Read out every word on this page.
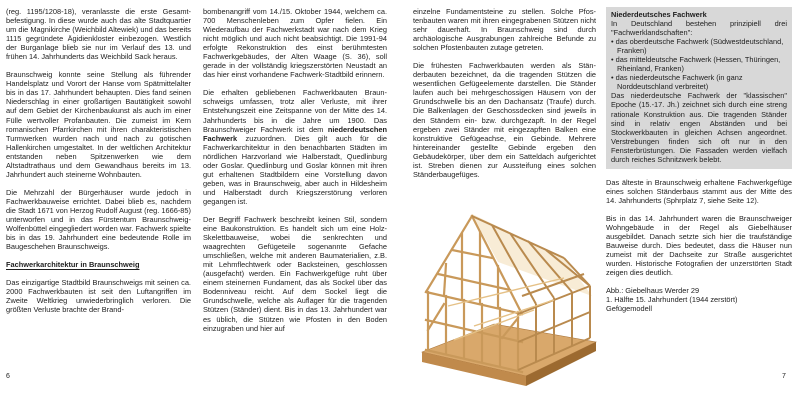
(reg. 1195/1208-18), veranlasste die erste Gesamtbefestigung. In diese wurde auch das alte Stadtquartier um die Magnikirche (Weichbild Altewiek) und das bereits 1115 gegründete Ägidienkloster einbezogen. Westlich der Burganlage blieb sie nur im Verlauf des 13. und frühen 14. Jahrhunderts das Weichbild Sack heraus.

Braunschweig konnte seine Stellung als führender Handelsplatz und Vorort der Hanse vom Spätmittelalter bis in das 17. Jahrhundert behaupten. Dies fand seinen Niederschlag in einer großartigen Bautätigkeit sowohl auf dem Gebiet der Kirchenbaukunst als auch im einer Fülle wertvoller Profanbauten. Die zumeist im Kern romanischen Pfarrkirchen mit ihren charakteristischen Turmwerken wurden nach und nach zu gotischen Hallenkirchen umgestaltet. In der weltlichen Architektur entstanden neben Spitzenwerken wie dem Altstadtrathaus und dem Gewandhaus bereits im 13. Jahrhundert auch steinerne Wohnbauten.

Die Mehrzahl der Bürgerhäuser wurde jedoch in Fachwerkbauweise errichtet. Dabei blieb es, nachdem die Stadt 1671 von Herzog Rudolf August (reg. 1666-85) unterworfen und in das Fürstentum Braunschweig-Wolfenbüttel eingegliedert worden war. Fachwerk spielte bis in das 19. Jahrhundert eine bedeutende Rolle im Baugeschehen Braunschweigs.

Fachwerkarchitektur in Braunschweig

Das einzigartige Stadtbild Braunschweigs mit seinen ca. 2000 Fachwerkbauten ist seit den Luftangriffen im Zweite Weltkrieg unwiederbringlich verloren. Die größten Verluste brachte der Brand-

bombenangriff vom 14./15. Oktober 1944, welchem ca. 700 Menschenleben zum Opfer fielen. Ein Wiederaufbau der Fachwerkstadt war nach dem Krieg nicht möglich und auch nicht beabsichtigt. Die 1991-94 erfolgte Rekonstruktion des einst berühmtesten Fachwerkgebäudes, der Alten Waage (S. 36), soll gerade in der vollständig kriegszerstörten Neustadt an das hier einst vorhandene Fachwerk-Stadtbild erinnern.

Die erhalten gebliebenen Fachwerkbauten Braunschweigs umfassen, trotz aller Verluste, mit ihrer Entstehungszeit eine Zeitspanne von der Mitte des 14. Jahrhunderts bis in die Jahre um 1900. Das Braunschweiger Fachwerk ist dem niederdeutschen Fachwerk zuzuordnen. Dies gilt auch für die Fachwerkarchitektur in den benachbarten Städten im nördlichen Harzvorland wie Halberstadt, Quedlinburg oder Goslar. Quedlinburg und Goslar können mit ihren gut erhaltenen Stadtbildern eine Vorstellung davon geben, was in Braunschweig, aber auch in Hildesheim und Halberstadt durch Kriegszerstörung verloren gegangen ist.

Der Begriff Fachwerk beschreibt keinen Stil, sondern eine Baukonstruktion. Es handelt sich um eine Holz-Skelettbauweise, wobei die senkrechten und waagrechten Gefügeteile sogenannte Gefache umschließen, welche mit anderen Baumaterialien, z.B. mit Lehmflechtwerk oder Backsteinen, geschlossen (ausgefacht) werden. Ein Fachwerkgefüge ruht über einem steinernen Fundament, das als Sockel über das Bodenniveau reicht. Auf dem Sockel liegt die Grundschwelle, welche als Auflager für die tragenden Stützen (Ständer) dient. Bis in das 13. Jahrhundert war es üblich, die Stützen wie Pfosten in den Boden einzugraben und hier auf

6

einzelne Fundamentsteine zu stellen. Solche Pfostenbauten waren mit ihren eingegrabenen Stützen nicht sehr dauerhaft. In Braunschweig sind durch archäologische Ausgrabungen zahlreiche Befunde zu solchen Pfostenbauten zutage getreten.

Die frühesten Fachwerkbauten werden als Ständerbauten bezeichnet, da die tragenden Stützen die wesentlichen Gefügeelemente darstellen. Die Ständer laufen auch bei mehrgeschossigen Häusern von der Grundschwelle bis an den Dachansatz (Traufe) durch. Die Balkenlagen der Geschossdecken sind jeweils in den Ständern ein- bzw. durchgezapft. In der Regel ergeben zwei Ständer mit eingezapften Balken eine konstruktive Gefügeachse, ein Gebinde. Mehrere hintereinander gestellte Gebinde ergeben den Gebäudekörper, über dem ein Satteldach aufgerichtet ist. Streben dienen zur Aussteifung eines solchen Ständerbaugefüges.

Niederdeutsches Fachwerk
In Deutschland bestehen prinzipiell drei "Fachwerklandschaften":
• das oberdeutsche Fachwerk (Südwestdeutschland, Franken)
• das mitteldeutsche Fachwerk (Hessen, Thüringen, Rheinland, Franken)
• das niederdeutsche Fachwerk (in ganz Norddeutschland verbreitet)
Das niederdeutsche Fachwerk der "klassischen" Epoche (15.-17. Jh.) zeichnet sich durch eine streng rationale Konstruktion aus. Die tragenden Ständer sind in relativ engen Abständen und bei Stockwerkbauten in gleichen Achsen angeordnet. Verstrebungen finden sich oft nur in den Fensterbrüstungen. Die Fassaden werden vielfach durch reiches Schnitzwerk belebt.

Das älteste in Braunschweig erhaltene Fachwerkgefüge eines solchen Ständerbaus stammt aus der Mitte des 14. Jahrhunderts (Sphrplatz 7, siehe Seite 12).

Bis in das 14. Jahrhundert waren die Braunschweiger Wohngebäude in der Regel als Giebelhäuser ausgebildet. Danach setzte sich hier die traufständige Bauweise durch. Dies bedeutet, dass die Häuser nun zumeist mit der Dachseite zur Straße ausgerichtet wurden. Historische Fotografien der unzerstörten Stadt zeigen dies deutlich.

Abb.: Giebelhaus Werder 29
1. Hälfte 15. Jahrhundert (1944 zerstört)
Gefügemodell

7
